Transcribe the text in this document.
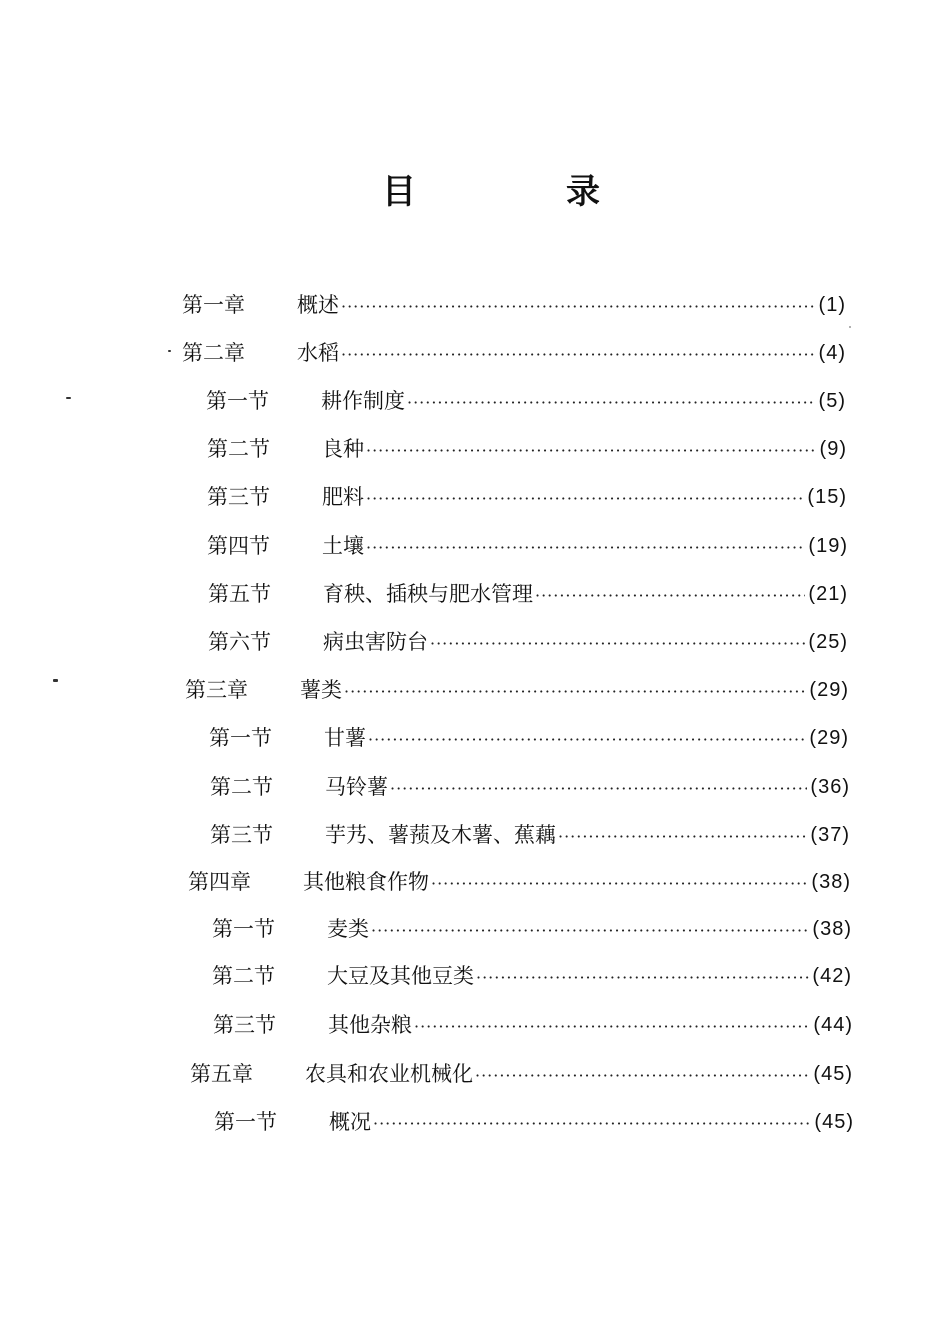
目　录
第一章	概述 ·····	(1)
第二章	水稻 ·····	(4)
第一节	耕作制度 ·····	(5)
第二节	良种 ·····	(9)
第三节	肥料 ·····	(15)
第四节	土壤 ·····	(19)
第五节	育秧、插秧与肥水管理 ·····	(21)
第六节	病虫害防台 ·····	(25)
第三章	薯类 ·····	(29)
第一节	甘薯 ·····	(29)
第二节	马铃薯 ·····	(36)
第三节	芋艿、薯蓣及木薯、蕉藕 ·····	(37)
第四章	其他粮食作物 ·····	(38)
第一节	麦类 ·····	(38)
第二节	大豆及其他豆类 ·····	(42)
第三节	其他杂粮 ·····	(44)
第五章	农具和农业机械化 ·····	(45)
第一节	概况 ·····	(45)
